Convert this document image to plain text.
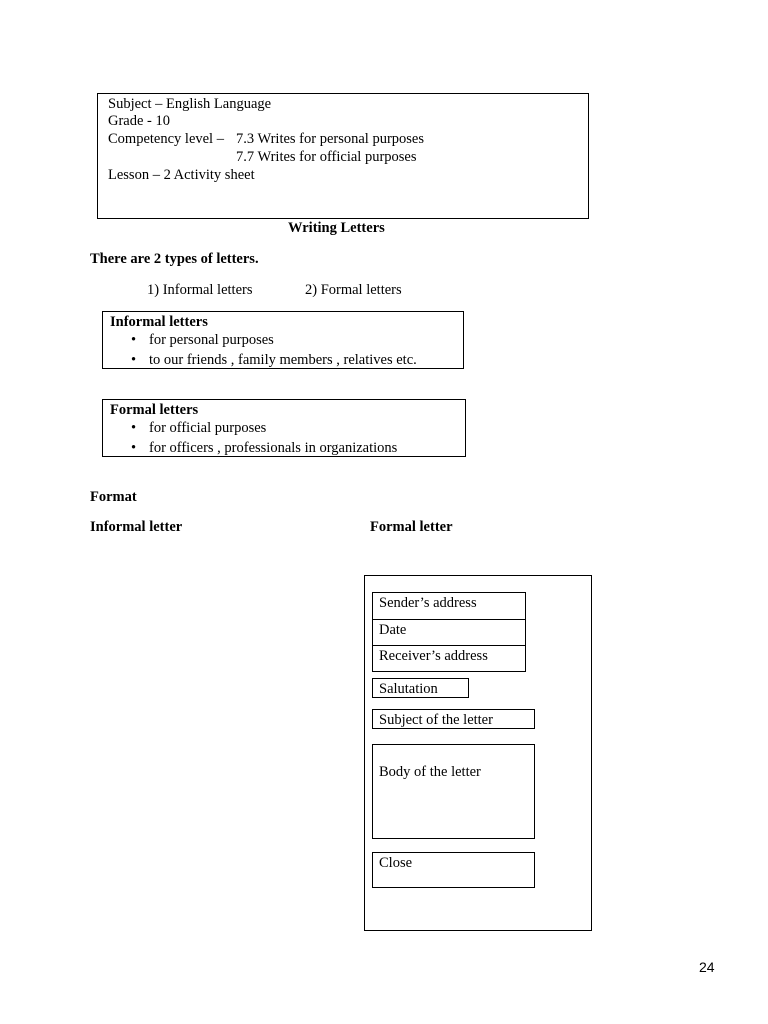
Subject – English Language
Grade - 10
Competency level – 7.3 Writes for personal purposes
7.7 Writes for official purposes
Lesson – 2 Activity sheet
Writing Letters
There are 2 types of letters.
1) Informal letters	2) Formal letters
Informal letters
• for personal purposes
• to our friends , family members , relatives etc.
Formal letters
• for official purposes
• for officers , professionals in organizations
Format
Informal letter	Formal letter
Sender’s address
Date
Receiver’s address
Salutation
Subject of the letter
Body of the letter
Close
24
